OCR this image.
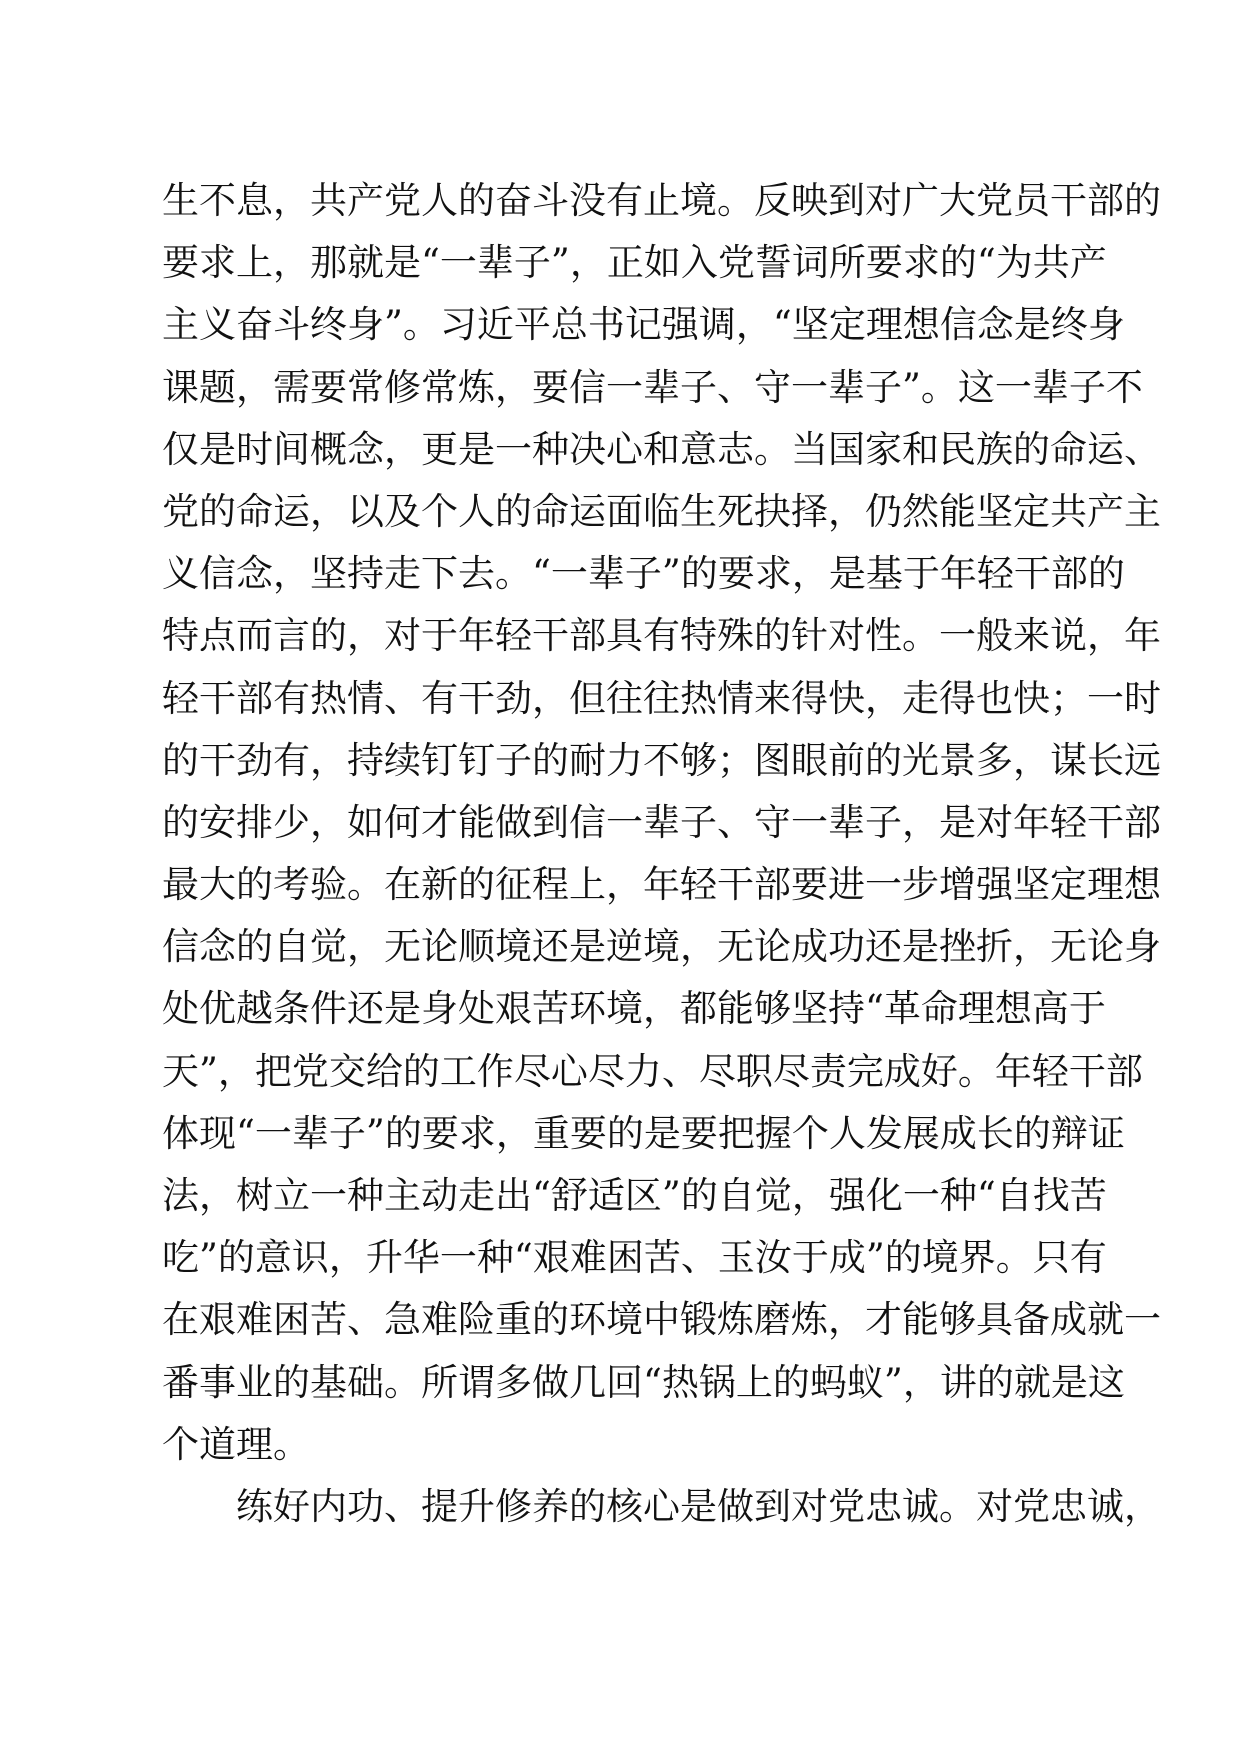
生不息，共产党人的奋斗没有止境。反映到对广大党员干部的
要求上，那就是“一辈子”，正如入党誓词所要求的“为共产
主义奋斗终身”。习近平总书记强调，“坚定理想信念是终身
课题，需要常修常炼，要信一辈子、守一辈子”。这一辈子不
仅是时间概念，更是一种决心和意志。当国家和民族的命运、
党的命运，以及个人的命运面临生死抉择，仍然能坚定共产主
义信念，坚持走下去。“一辈子”的要求，是基于年轻干部的
特点而言的，对于年轻干部具有特殊的针对性。一般来说，年
轻干部有热情、有干劲，但往往热情来得快，走得也快；一时
的干劲有，持续钉钉子的耐力不够；图眼前的光景多，谋长远
的安排少，如何才能做到信一辈子、守一辈子，是对年轻干部
最大的考验。在新的征程上，年轻干部要进一步增强坚定理想
信念的自觉，无论顺境还是逆境，无论成功还是挫折，无论身
处优越条件还是身处艰苦环境，都能够坚持“革命理想高于
天”，把党交给的工作尽心尽力、尽职尽责完成好。年轻干部
体现“一辈子”的要求，重要的是要把握个人发展成长的辩证
法，树立一种主动走出“舒适区”的自觉，强化一种“自找苦
吃”的意识，升华一种“艰难困苦、玉汝于成”的境界。只有
在艰难困苦、急难险重的环境中锻炼磨炼，才能够具备成就一
番事业的基础。所谓多做几回“热锅上的蚂蚁”，讲的就是这
个道理。
练好内功、提升修养的核心是做到对党忠诚。对党忠诚，
